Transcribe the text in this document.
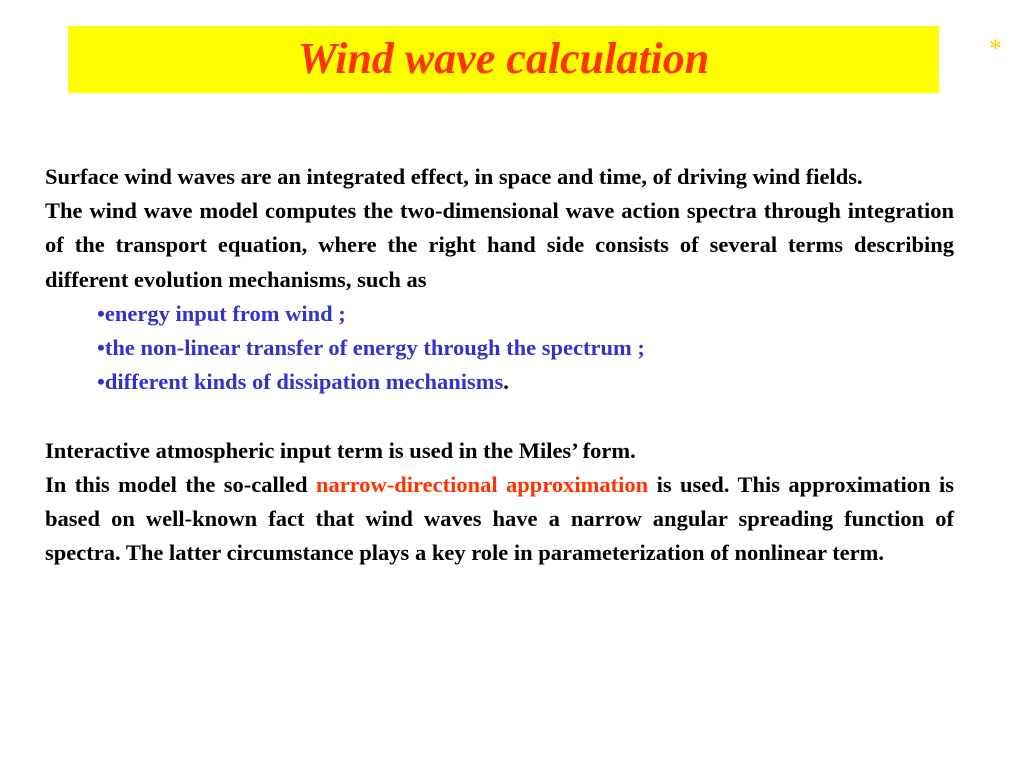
Wind wave calculation	*

Surface wind waves are an integrated effect, in space and time, of driving wind fields.

The wind wave model computes the two-dimensional wave action spectra through integration of the transport equation, where the right hand side consists of several terms describing different evolution mechanisms, such as

•energy input from wind ;

•the non-linear transfer of energy through the spectrum ;

•different kinds of dissipation mechanisms.

Interactive atmospheric input term is used in the Miles’ form.

In this model the so-called narrow-directional approximation is used. This approximation is based on well-known fact that wind waves have a narrow angular spreading function of spectra. The latter circumstance plays a key role in parameterization of nonlinear term.
